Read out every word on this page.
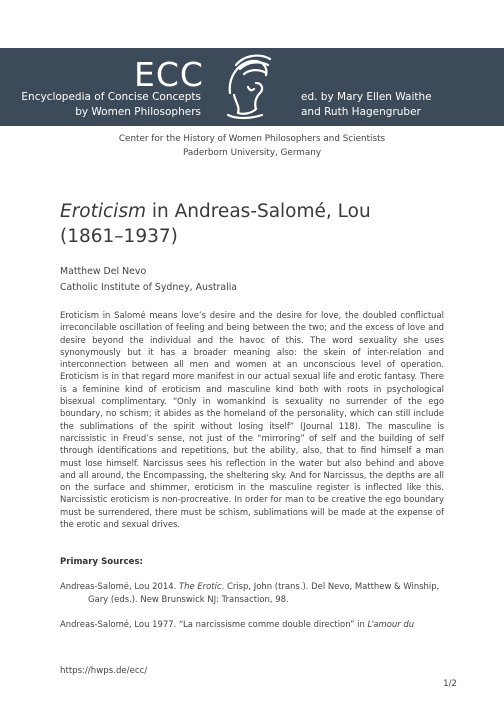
ECC
Encyclopedia of Concise Concepts
by Women Philosophers
ed. by Mary Ellen Waithe
and Ruth Hagengruber
Center for the History of Women Philosophers and Scientists
Paderborn University, Germany
Eroticism in Andreas-Salomé, Lou
(1861–1937)
Matthew Del Nevo
Catholic Institute of Sydney, Australia
Eroticism in Salomé means love’s desire and the desire for love, the doubled conflictual irreconcilable oscillation of feeling and being between the two; and the excess of love and desire beyond the individual and the havoc of this. The word sexuality she uses synonymously but it has a broader meaning also: the skein of inter-relation and interconnection between all men and women at an unconscious level of operation. Eroticism is in that regard more manifest in our actual sexual life and erotic fantasy. There is a feminine kind of eroticism and masculine kind both with roots in psychological bisexual complimentary. “Only in womankind is sexuality no surrender of the ego boundary, no schism; it abides as the homeland of the personality, which can still include the sublimations of the spirit without losing itself” (Journal 118). The masculine is narcissistic in Freud’s sense, not just of the “mirroring” of self and the building of self through identifications and repetitions, but the ability, also, that to find himself a man must lose himself. Narcissus sees his reflection in the water but also behind and above and all around, the Encompassing, the sheltering sky. And for Narcissus, the depths are all on the surface and shimmer, eroticism in the masculine register is inflected like this. Narcissistic eroticism is non-procreative. In order for man to be creative the ego boundary must be surrendered, there must be schism, sublimations will be made at the expense of the erotic and sexual drives.
Primary Sources:
Andreas-Salomé, Lou 2014. The Erotic. Crisp, John (trans.). Del Nevo, Matthew & Winship,
Gary (eds.). New Brunswick NJ: Transaction, 98.
Andreas-Salomé, Lou 1977. “La narcissisme comme double direction” in L’amour du
https://hwps.de/ecc/
1/2
